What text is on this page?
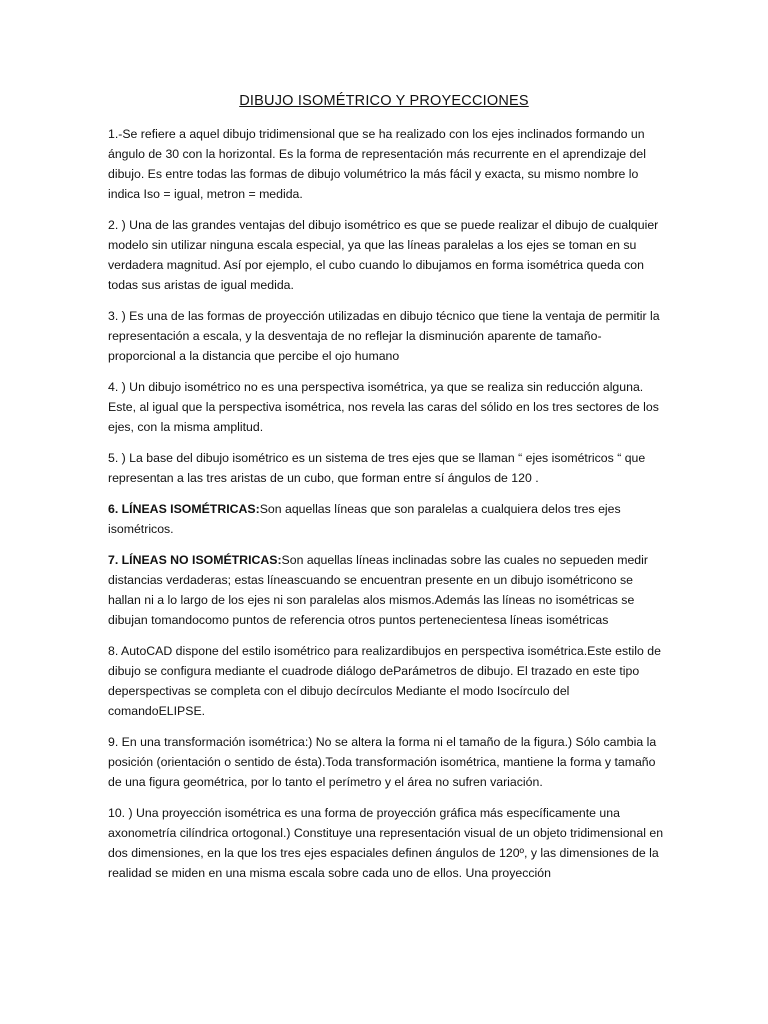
DIBUJO ISOMÉTRICO Y PROYECCIONES

1.-Se refiere a aquel dibujo tridimensional que se ha realizado con los ejes inclinados formando un ángulo de 30 con la horizontal. Es la forma de representación más recurrente en el aprendizaje del dibujo. Es entre todas las formas de dibujo volumétrico la más fácil y exacta, su mismo nombre lo indica Iso = igual, metron = medida.

2. ) Una de las grandes ventajas del dibujo isométrico es que se puede realizar el dibujo de cualquier modelo sin utilizar ninguna escala especial, ya que las líneas paralelas a los ejes se toman en su verdadera magnitud. Así por ejemplo, el cubo cuando lo dibujamos en forma isométrica queda con todas sus aristas de igual medida.

3. ) Es una de las formas de proyección utilizadas en dibujo técnico que tiene la ventaja de permitir la representación a escala, y la desventaja de no reflejar la disminución aparente de tamaño-proporcional a la distancia que percibe el ojo humano

4. ) Un dibujo isométrico no es una perspectiva isométrica, ya que se realiza sin reducción alguna. Este, al igual que la perspectiva isométrica, nos revela las caras del sólido en los tres sectores de los ejes, con la misma amplitud.

5. ) La base del dibujo isométrico es un sistema de tres ejes que se llaman “ ejes isométricos “ que representan a las tres aristas de un cubo, que forman entre sí ángulos de 120 .

6. LÍNEAS ISOMÉTRICAS:Son aquellas líneas que son paralelas a cualquiera delos tres ejes isométricos.

7. LÍNEAS NO ISOMÉTRICAS:Son aquellas líneas inclinadas sobre las cuales no sepueden medir distancias verdaderas; estas líneascuando se encuentran presente en un dibujo isométricono se hallan ni a lo largo de los ejes ni son paralelas alos mismos.Además las líneas no isométricas se dibujan tomandocomo puntos de referencia otros puntos pertenecientesa líneas isométricas

8. AutoCAD dispone del estilo isométrico para realizardibujos en perspectiva isométrica.Este estilo de dibujo se configura mediante el cuadrode diálogo deParámetros de dibujo. El trazado en este tipo deperspectivas se completa con el dibujo decírculos Mediante el modo Isocírculo del comandoELIPSE.

9. En una transformación isométrica:) No se altera la forma ni el tamaño de la figura.) Sólo cambia la posición (orientación o sentido de ésta).Toda transformación isométrica, mantiene la forma y tamaño de una figura geométrica, por lo tanto el perímetro y el área no sufren variación.

10. ) Una proyección isométrica es una forma de proyección gráfica más específicamente una axonometría cilíndrica ortogonal.) Constituye una representación visual de un objeto tridimensional en dos dimensiones, en la que los tres ejes espaciales definen ángulos de 120º, y las dimensiones de la realidad se miden en una misma escala sobre cada uno de ellos. Una proyección
